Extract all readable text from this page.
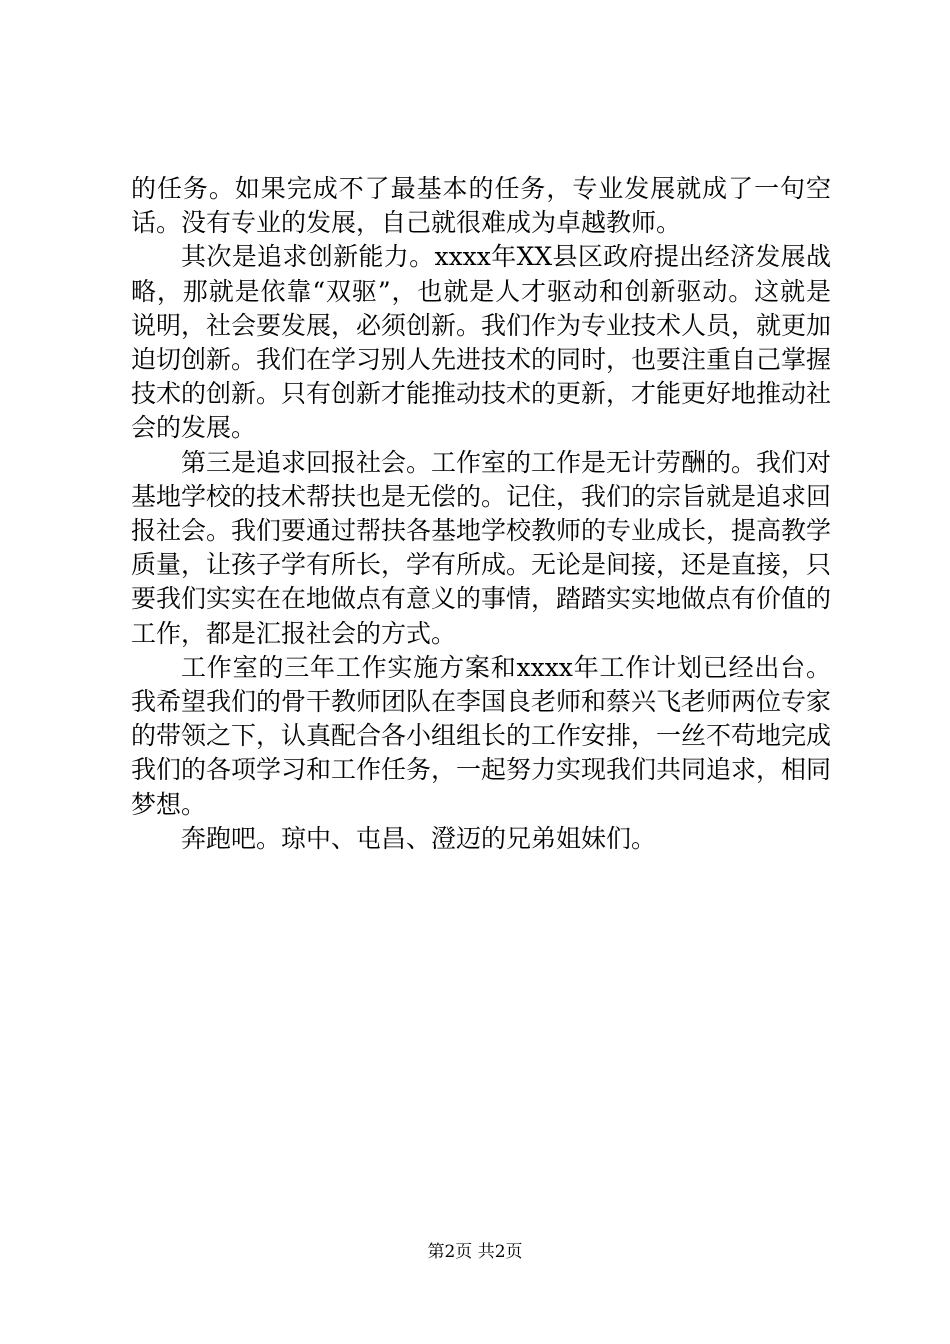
的任务。如果完成不了最基本的任务，专业发展就成了一句空话。没有专业的发展，自己就很难成为卓越教师。

其次是追求创新能力。xxxx年XX县区政府提出经济发展战略，那就是依靠“双驱”，也就是人才驱动和创新驱动。这就是说明，社会要发展，必须创新。我们作为专业技术人员，就更加迫切创新。我们在学习别人先进技术的同时，也要注重自己掌握技术的创新。只有创新才能推动技术的更新，才能更好地推动社会的发展。

第三是追求回报社会。工作室的工作是无计劳酬的。我们对基地学校的技术帮扶也是无偿的。记住，我们的宗旨就是追求回报社会。我们要通过帮扶各基地学校教师的专业成长，提高教学质量，让孩子学有所长，学有所成。无论是间接，还是直接，只要我们实实在在地做点有意义的事情，踏踏实实地做点有价值的工作，都是汇报社会的方式。

工作室的三年工作实施方案和xxxx年工作计划已经出台。我希望我们的骨干教师团队在李国良老师和蔡兴飞老师两位专家的带领之下，认真配合各小组组长的工作安排，一丝不苟地完成我们的各项学习和工作任务，一起努力实现我们共同追求，相同梦想。

奔跑吧。琼中、屯昌、澄迈的兄弟姐妹们。

第2页 共2页
